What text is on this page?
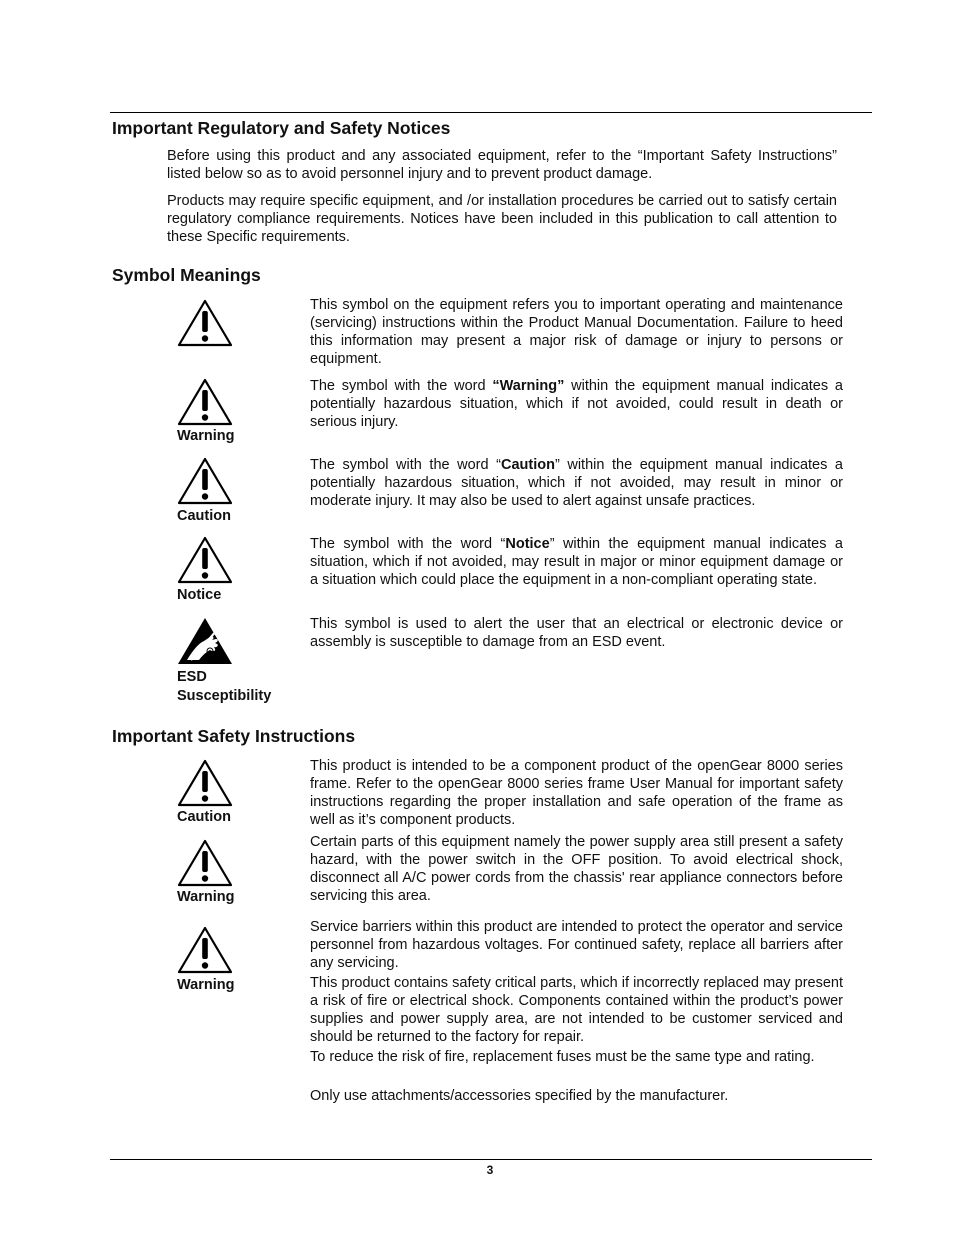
Important Regulatory and Safety Notices

Before using this product and any associated equipment, refer to the “Important Safety Instructions” listed below so as to avoid personnel injury and to prevent product damage.

Products may require specific equipment, and /or installation procedures be carried out to satisfy certain regulatory compliance requirements. Notices have been included in this publication to call attention to these Specific requirements.

Symbol Meanings

This symbol on the equipment refers you to important operating and maintenance (servicing) instructions within the Product Manual Documentation. Failure to heed this information may present a major risk of damage or injury to persons or equipment.

Warning

The symbol with the word “Warning” within the equipment manual indicates a potentially hazardous situation, which if not avoided, could result in death or serious injury.

Caution

The symbol with the word “Caution” within the equipment manual indicates a potentially hazardous situation, which if not avoided, may result in minor or moderate injury. It may also be used to alert against unsafe practices.

Notice

The symbol with the word “Notice” within the equipment manual indicates a situation, which if not avoided, may result in major or minor equipment damage or a situation which could place the equipment in a non-compliant operating state.

ESD
Susceptibility

This symbol is used to alert the user that an electrical or electronic device or assembly is susceptible to damage from an ESD event.

Important Safety Instructions
Caution
Warning
Warning

This product is intended to be a component product of the openGear 8000 series frame. Refer to the openGear 8000 series frame User Manual for important safety instructions regarding the proper installation and safe operation of the frame as well as it’s component products.

Certain parts of this equipment namely the power supply area still present a safety hazard, with the power switch in the OFF position. To avoid electrical shock, disconnect all A/C power cords from the chassis' rear appliance connectors before servicing this area.

Service barriers within this product are intended to protect the operator and service personnel from hazardous voltages. For continued safety, replace all barriers after any servicing.

This product contains safety critical parts, which if incorrectly replaced may present a risk of fire or electrical shock. Components contained within the product’s power supplies and power supply area, are not intended to be customer serviced and should be returned to the factory for repair.

To reduce the risk of fire, replacement fuses must be the same type and rating.

Only use attachments/accessories specified by the manufacturer.

3
